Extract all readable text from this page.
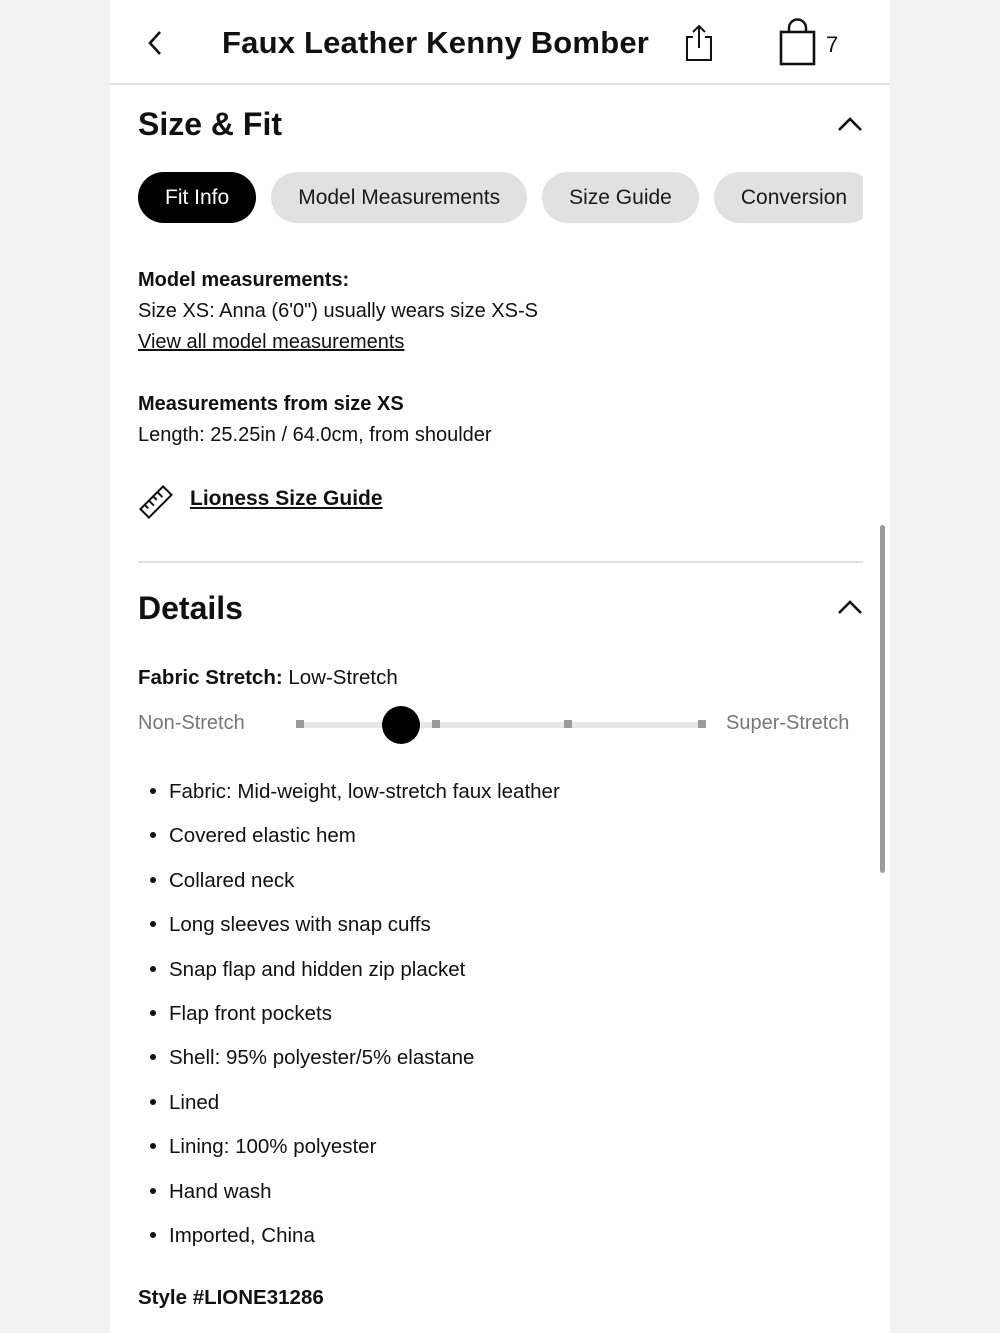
Faux Leather Kenny Bomber	7
Size & Fit
Fit Info	Model Measurements	Size Guide	Conversion
Model measurements:
Size XS: Anna (6'0") usually wears size XS-S
View all model measurements
Measurements from size XS
Length: 25.25in / 64.0cm, from shoulder
Lioness Size Guide
Details
Fabric Stretch: Low-Stretch
Non-Stretch	Super-Stretch
Fabric: Mid-weight, low-stretch faux leather
Covered elastic hem
Collared neck
Long sleeves with snap cuffs
Snap flap and hidden zip placket
Flap front pockets
Shell: 95% polyester/5% elastane
Lined
Lining: 100% polyester
Hand wash
Imported, China
Style #LIONE31286
